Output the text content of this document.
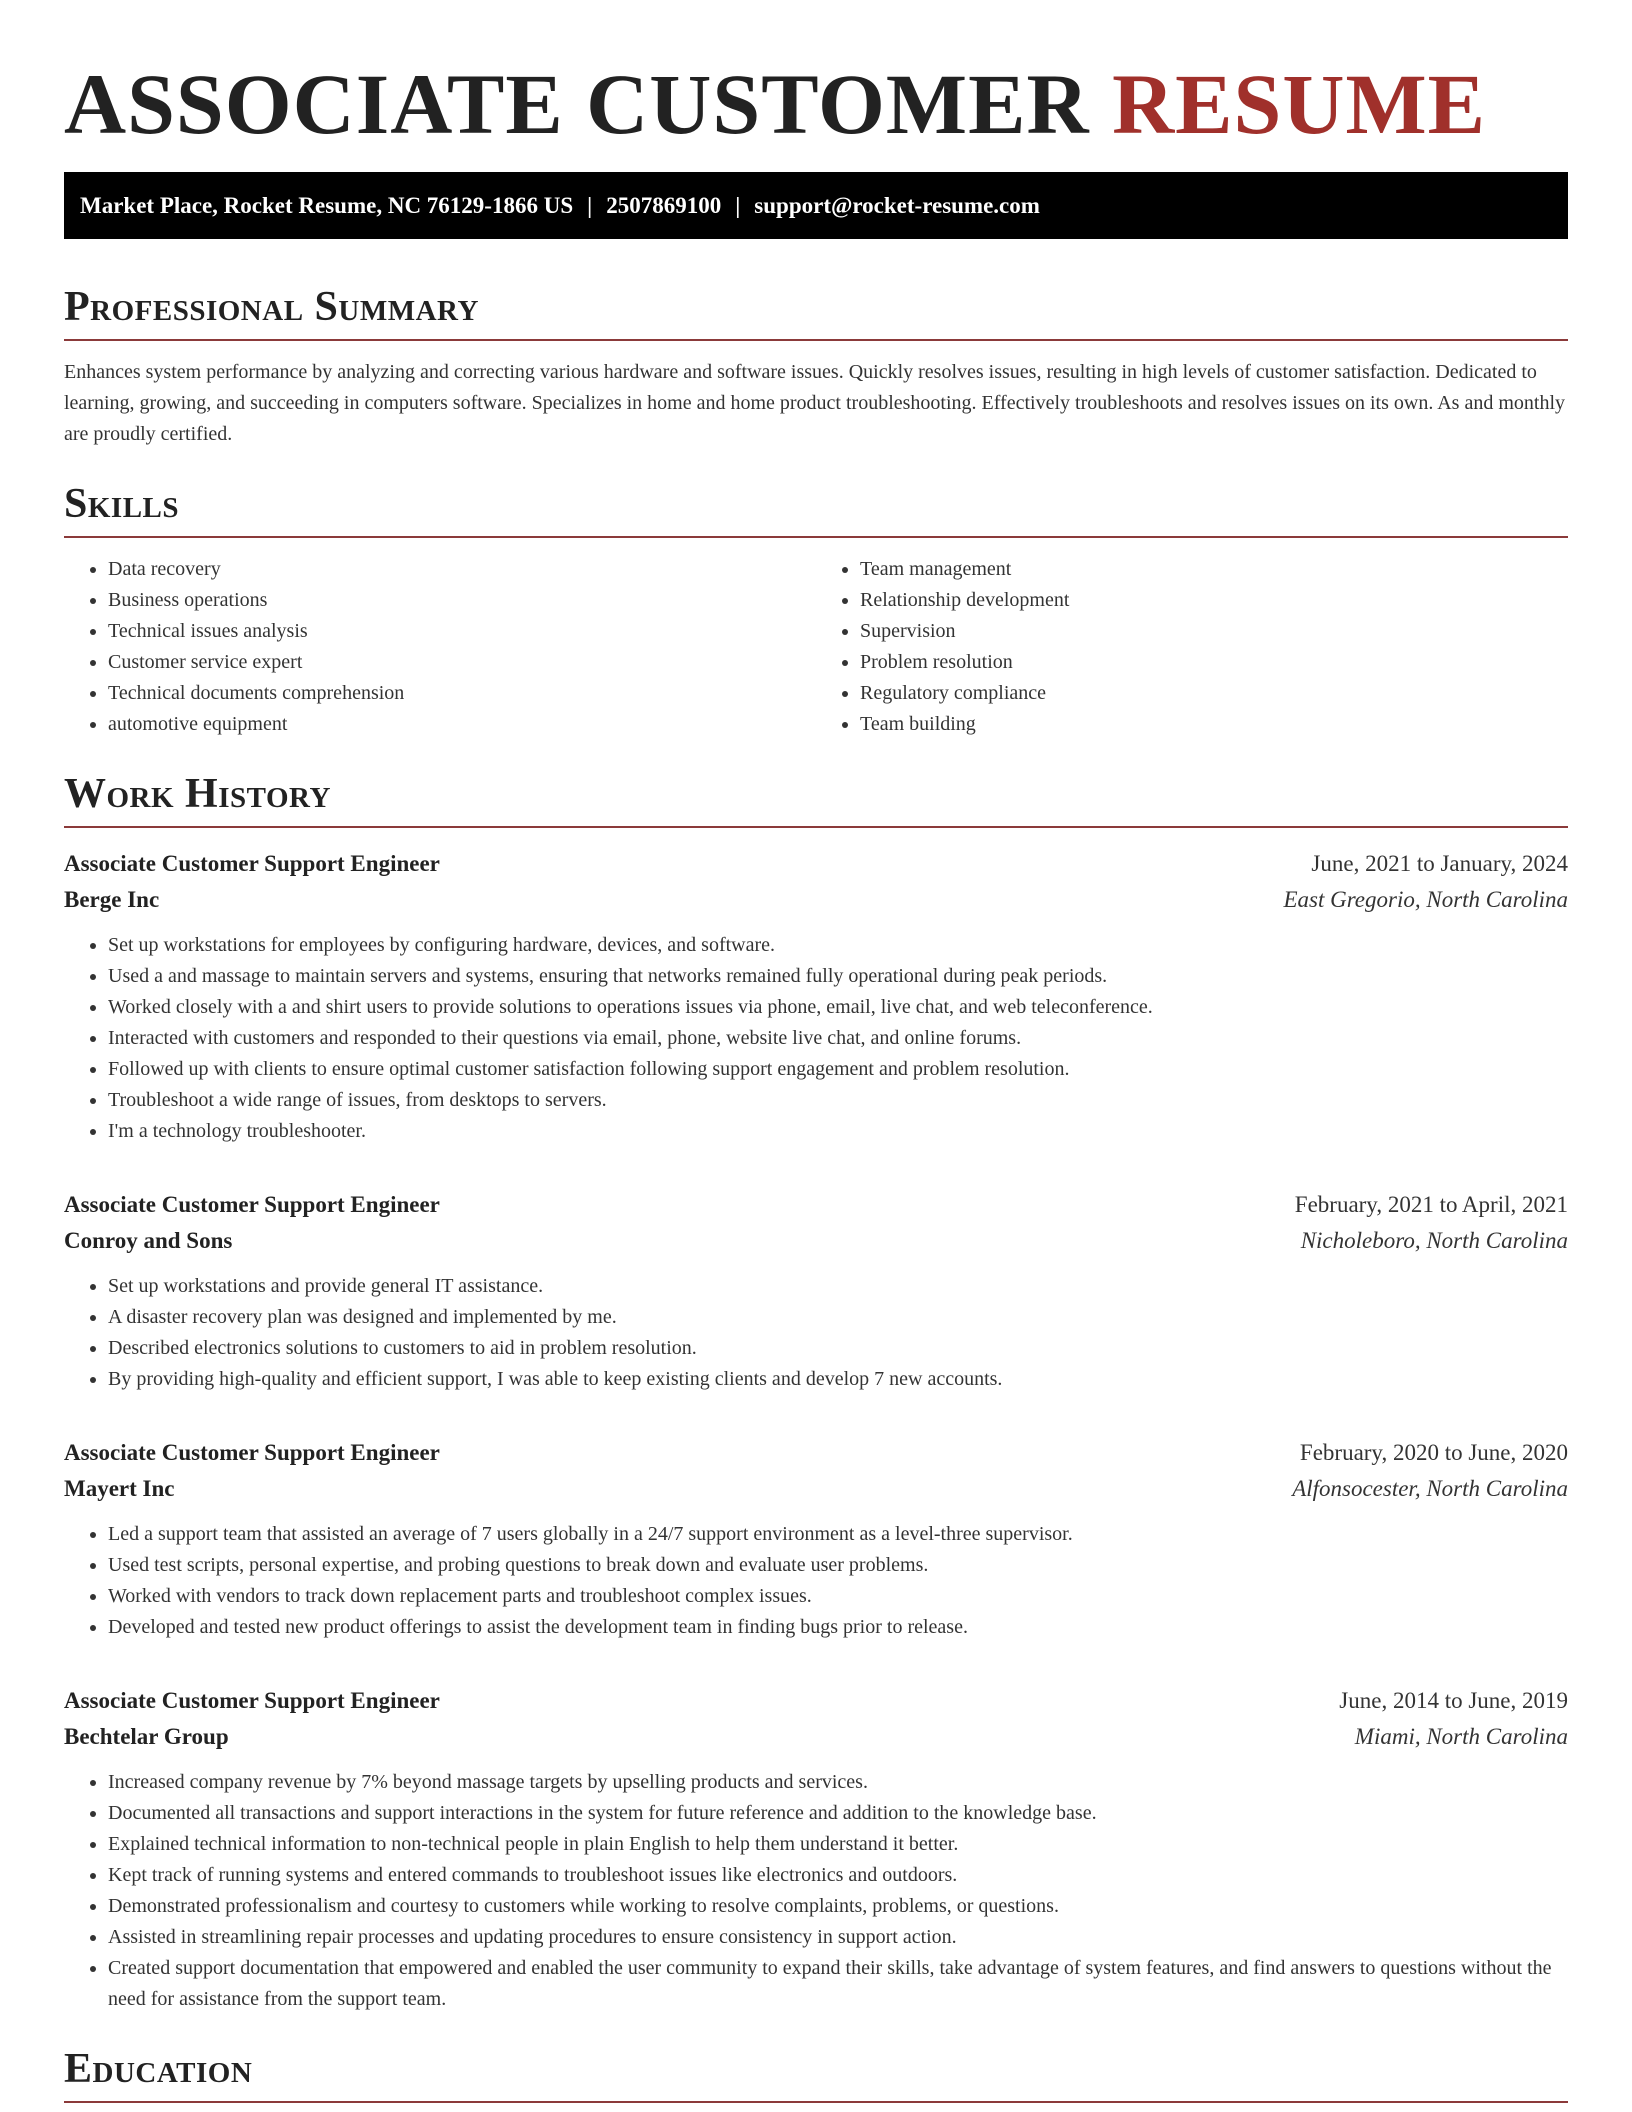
ASSOCIATE CUSTOMER RESUME
Market Place, Rocket Resume, NC 76129-1866 US | 2507869100 | support@rocket-resume.com
Professional Summary

Enhances system performance by analyzing and correcting various hardware and software issues. Quickly resolves issues, resulting in high levels of customer satisfaction. Dedicated to learning, growing, and succeeding in computers software. Specializes in home and home product troubleshooting. Effectively troubleshoots and resolves issues on its own. As and monthly are proudly certified.

Skills
• Data recovery
• Business operations
• Technical issues analysis
• Customer service expert
• Technical documents comprehension
• automotive equipment
• Team management
• Relationship development
• Supervision
• Problem resolution
• Regulatory compliance
• Team building
Work History
Associate Customer Support Engineer	June, 2021 to January, 2024
Berge Inc	East Gregorio, North Carolina
• Set up workstations for employees by configuring hardware, devices, and software.
• Used a and massage to maintain servers and systems, ensuring that networks remained fully operational during peak periods.
• Worked closely with a and shirt users to provide solutions to operations issues via phone, email, live chat, and web teleconference.
• Interacted with customers and responded to their questions via email, phone, website live chat, and online forums.
• Followed up with clients to ensure optimal customer satisfaction following support engagement and problem resolution.
• Troubleshoot a wide range of issues, from desktops to servers.
• I'm a technology troubleshooter.
Associate Customer Support Engineer	February, 2021 to April, 2021
Conroy and Sons	Nicholeboro, North Carolina
• Set up workstations and provide general IT assistance.
• A disaster recovery plan was designed and implemented by me.
• Described electronics solutions to customers to aid in problem resolution.
• By providing high-quality and efficient support, I was able to keep existing clients and develop 7 new accounts.
Associate Customer Support Engineer	February, 2020 to June, 2020
Mayert Inc	Alfonsocester, North Carolina
• Led a support team that assisted an average of 7 users globally in a 24/7 support environment as a level-three supervisor.
• Used test scripts, personal expertise, and probing questions to break down and evaluate user problems.
• Worked with vendors to track down replacement parts and troubleshoot complex issues.
• Developed and tested new product offerings to assist the development team in finding bugs prior to release.
Associate Customer Support Engineer	June, 2014 to June, 2019
Bechtelar Group	Miami, North Carolina
• Increased company revenue by 7% beyond massage targets by upselling products and services.
• Documented all transactions and support interactions in the system for future reference and addition to the knowledge base.
• Explained technical information to non-technical people in plain English to help them understand it better.
• Kept track of running systems and entered commands to troubleshoot issues like electronics and outdoors.
• Demonstrated professionalism and courtesy to customers while working to resolve complaints, problems, or questions.
• Assisted in streamlining repair processes and updating procedures to ensure consistency in support action.
• Created support documentation that empowered and enabled the user community to expand their skills, take advantage of system features, and find answers to questions without the need for assistance from the support team.
Education
